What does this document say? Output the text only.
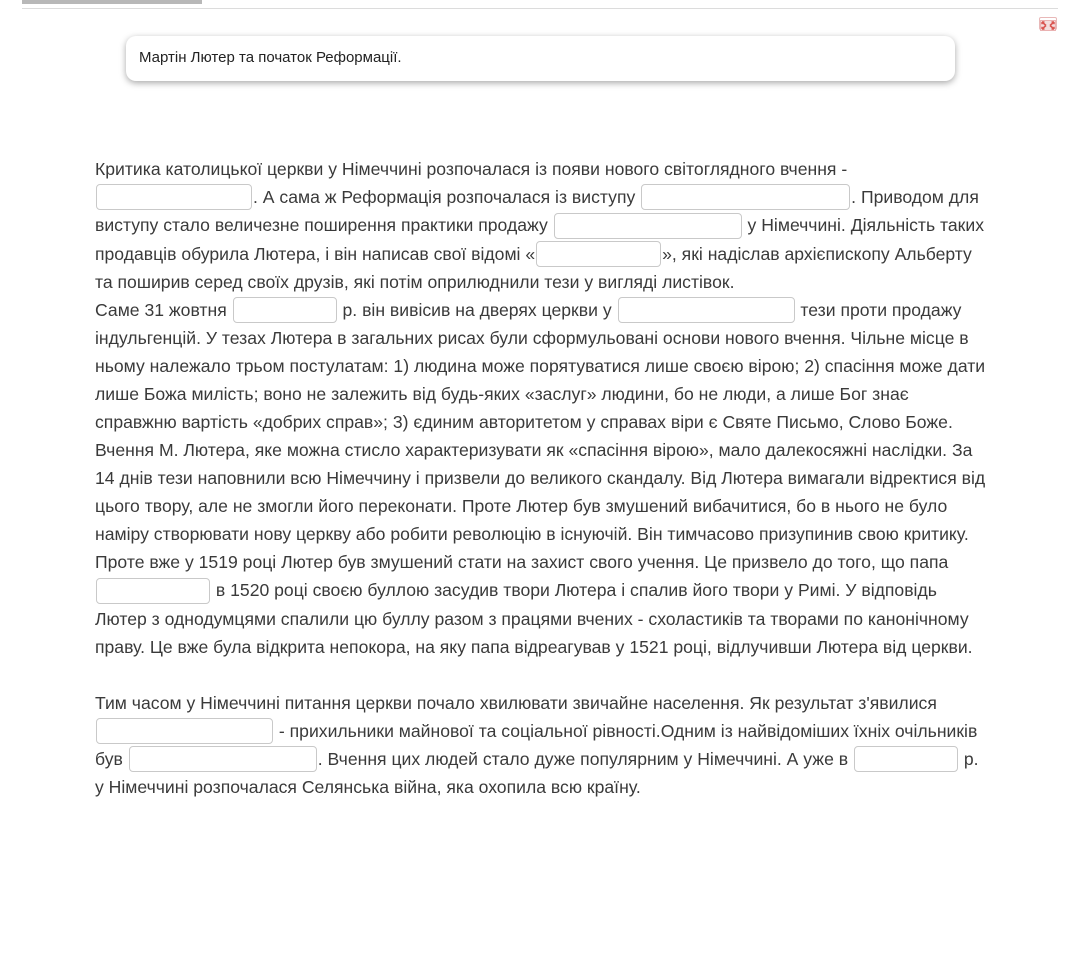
Мартін Лютер та початок Реформації.

Критика католицької церкви у Німеччині розпочалася із появи нового світоглядного вчення - . А сама ж Реформація розпочалася із виступу	. Приводом для виступу стало величезне поширення практики продажу	у Німеччині. Діяльність таких продавців обурила Лютера, і він написав свої відомі «	», які надіслав архієпископу Альберту та поширив серед своїх друзів, які потім оприлюднили тези у вигляді листівок.

Саме 31 жовтня	р. він вивісив на дверях церкви у	тези проти продажу індульгенцій. У тезах Лютера в загальних рисах були сформульовані основи нового вчення. Чільне місце в ньому належало трьом постулатам: 1) людина може порятуватися лише своєю вірою; 2) спасіння може дати лише Божа милість; воно не залежить від будь-яких «заслуг» людини, бо не люди, а лише Бог знає справжню вартість «добрих справ»; 3) єдиним авторитетом у справах віри є Святе Письмо, Слово Боже.

Вчення М. Лютера, яке можна стисло характеризувати як «спасіння вірою», мало далекосяжні наслідки. За 14 днів тези наповнили всю Німеччину і призвели до великого скандалу. Від Лютера вимагали відректися від цього твору, але не змогли його переконати. Проте Лютер був змушений вибачитися, бо в нього не було наміру створювати нову церкву або робити революцію в існуючій. Він тимчасово призупинив свою критику. Проте вже у 1519 році Лютер був змушений стати на захист свого учення. Це призвело до того, що папа  в 1520 році своєю буллою засудив твори Лютера і спалив його твори у Римі. У відповідь Лютер з однодумцями спалили цю буллу разом з працями вчених - схоластиків та творами по канонічному праву. Це вже була відкрита непокора, на яку папа відреагував у 1521 році, відлучивши Лютера від церкви.

Тим часом у Німеччині питання церкви почало хвилювати звичайне населення. Як результат з'явилися  - прихильники майнової та соціальної рівності.Одним із найвідоміших їхніх очільників був	. Вчення цих людей стало дуже популярним у Німеччині. А уже в	р. у Німеччині розпочалася Селянська війна, яка охопила всю країну.
